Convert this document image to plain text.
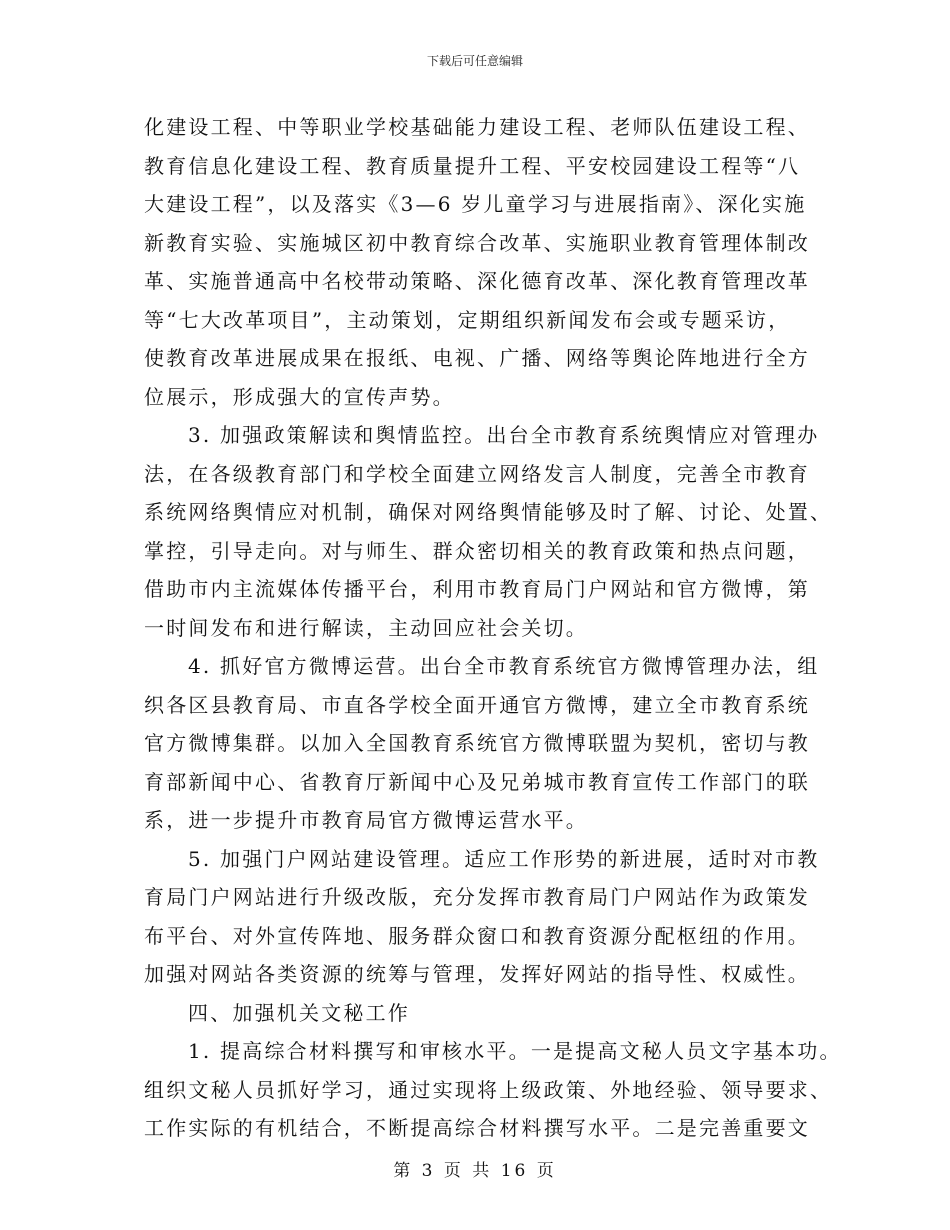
下载后可任意编辑
化建设工程、中等职业学校基础能力建设工程、老师队伍建设工程、
教育信息化建设工程、教育质量提升工程、平安校园建设工程等“八
大建设工程”，以及落实《3—6 岁儿童学习与进展指南》、深化实施
新教育实验、实施城区初中教育综合改革、实施职业教育管理体制改
革、实施普通高中名校带动策略、深化德育改革、深化教育管理改革
等“七大改革项目”，主动策划，定期组织新闻发布会或专题采访，
使教育改革进展成果在报纸、电视、广播、网络等舆论阵地进行全方
位展示，形成强大的宣传声势。
3. 加强政策解读和舆情监控。出台全市教育系统舆情应对管理办
法，在各级教育部门和学校全面建立网络发言人制度，完善全市教育
系统网络舆情应对机制，确保对网络舆情能够及时了解、讨论、处置、
掌控，引导走向。对与师生、群众密切相关的教育政策和热点问题，
借助市内主流媒体传播平台，利用市教育局门户网站和官方微博，第
一时间发布和进行解读，主动回应社会关切。
4. 抓好官方微博运营。出台全市教育系统官方微博管理办法，组
织各区县教育局、市直各学校全面开通官方微博，建立全市教育系统
官方微博集群。以加入全国教育系统官方微博联盟为契机，密切与教
育部新闻中心、省教育厅新闻中心及兄弟城市教育宣传工作部门的联
系，进一步提升市教育局官方微博运营水平。
5. 加强门户网站建设管理。适应工作形势的新进展，适时对市教
育局门户网站进行升级改版，充分发挥市教育局门户网站作为政策发
布平台、对外宣传阵地、服务群众窗口和教育资源分配枢纽的作用。
加强对网站各类资源的统筹与管理，发挥好网站的指导性、权威性。
四、加强机关文秘工作
1. 提高综合材料撰写和审核水平。一是提高文秘人员文字基本功。
组织文秘人员抓好学习，通过实现将上级政策、外地经验、领导要求、
工作实际的有机结合，不断提高综合材料撰写水平。二是完善重要文
第 3 页 共 16 页
